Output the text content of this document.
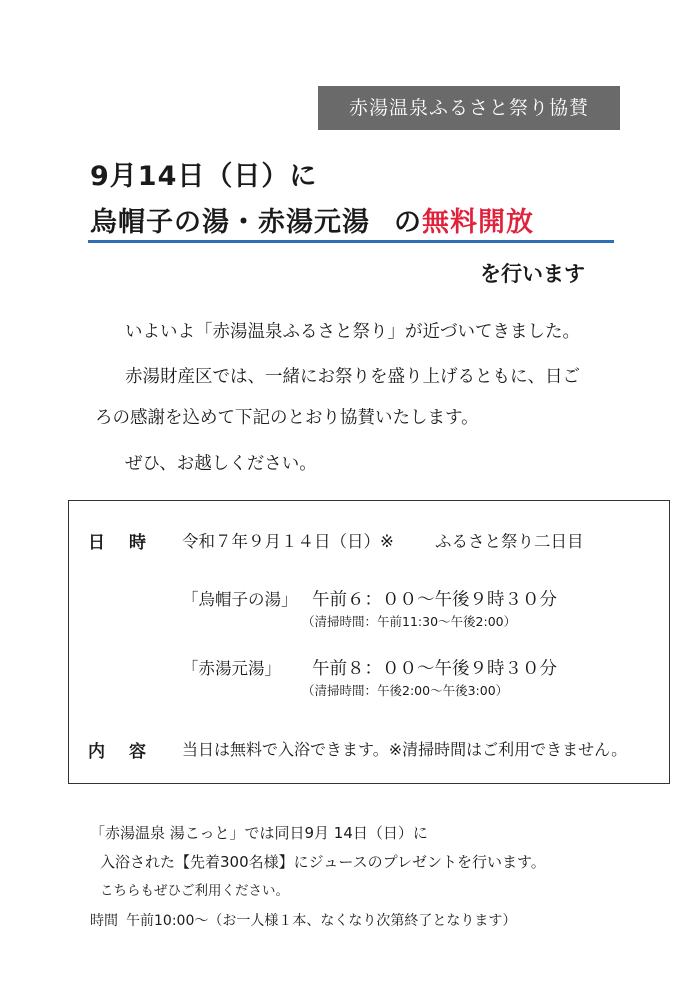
赤湯温泉ふるさと祭り協賛
9月14日（日）に
烏帽子の湯・赤湯元湯 の無料開放
を行います
いよいよ「赤湯温泉ふるさと祭り」が近づいてきました。
赤湯財産区では、一緒にお祭りを盛り上げるともに、日ご
ろの感謝を込めて下記のとおり協賛いたします。
ぜひ、お越しください。
日 時 令和７年９月１４日（日）※ ふるさと祭り二日目
「烏帽子の湯」 午前６：００～午後９時３０分
（清掃時間：午前11:30～午後2:00）
「赤湯元湯」 午前８：００～午後９時３０分
（清掃時間：午後2:00～午後3:00）
内 容 当日は無料で入浴できます。※清掃時間はご利用できません。
「赤湯温泉 湯こっと」では同日9月 14日（日）に
入浴された【先着300名様】にジュースのプレゼントを行います。
こちらもぜひご利用ください。
時間 午前10:00～（お一人様１本、なくなり次第終了となります）
